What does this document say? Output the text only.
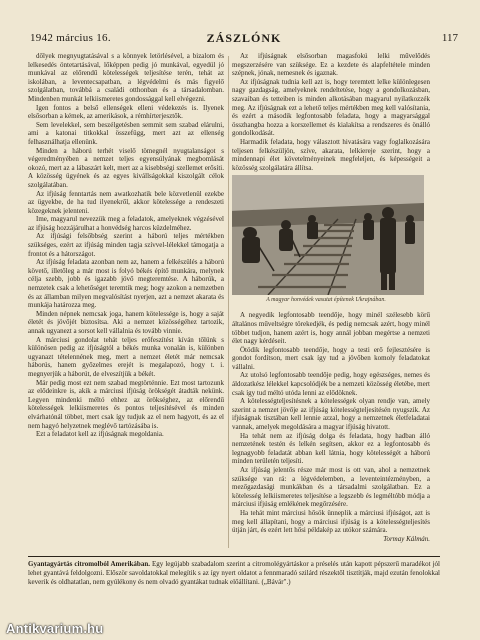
1942 március 16.	ZÁSZLÓNK	117

dőlyek megnyugtatásával s a könnyek letörlésével, a bizalom és lelkesedés öntetartásával, lőképpen pedig jó munkával, egyedül jó munkával az előrendű kötelességek teljesítése terén, tehát az iskolában, a leventecsapatban, a légvédelmi és más figyelő szolgálatban, továbbá a családi otthonban és a társadalomban. Mindenben munkát lelkiismeretes gondossággal kell elvégezni.

Igen fontos a belső ellenségek elleni védekezés is. Ilyenek elsősorban a kémek, az amerikások, a rémhírterjesztők.

Sem levelekkel, sem beszélgetésben semmit sem szabad elárulni, ami a katonai titkokkal összefügg, mert azt az ellenség felhasználhatja ellenünk.

Minden a háború terhét viselő tömegnél nyugtalanságot s végeredményében a nemzet teljes egyensúlyának megbomlását okozó, mert az a lábaszárt kelt, mert az a kisebbségi szellemet erősíti. A közösség ügyének és az egyes kivállságokkal kiszolgált célok szolgálatában.

Az ifjúság fenntartás nem awatkozhatik bele közvetlenül ezekbe az ügyekbe, de ha tud ilyenekről, akkor kötelessége a rendeszeti közegeknek jelenteni.

Ime, magyarul nevezzük meg a feladatok, amelyeknek végzésével az ifjúság hozzájárulhat a honvédség harcos küzdelméhez.

Az ifjúsági felsőbbség szerint a háború teljes mértékben szükséges, ezért az ifjúság minden tagja szívvel-lélekkel támogatja a frontot és a hátországot.

Az ifjúság feladata azonban nem az, hanem a felkészülés a háború követő, illetőleg a már most is folyó békés építő munkára, melynek célja szebb, jobb és igazabb jövő megteremtése. A háborúk, a nemzetek csak a lehetőséget teremtik meg; hogy azokon a nemzetben és az államban milyen megvalósítást nyerjen, azt a nemzet akarata és munkája határozza meg.

Minden népnek nemcsak joga, hanem kötelessége is, hogy a saját életét és jövőjét biztosítsa. Aki a nemzet közösségéhez tartozik, annak ugyanezt a sorsot kell vállalnia és tovább vinnie.

A márciusi gondolat tehát teljes erőfeszítést kíván tőlünk s különösen pedig az ifjúságtól a békés munka vonalán is, különben ugyanazt tételennének meg, mert a nemzet életét már nemcsak háborús, hanem győzelmes erejét is megalapozó, hogy t. i. megnyerjük a háborút, de elveszítjük a békét.

Már pedig most ezt nem szabad megtörténnie. Ezt most tartozunk az elődeinkre is, akik a márciusi ifjúság örökségét átadták nekünk. Legyen mindenki méltó ehhez az örökséghez, az előrendű kötelességek lelkiismeretes és pontos teljesítésével és minden elvárhatónál többet, mert csak így tudjuk az el nem hagyott, és az el nem hagyó helyzetnek meglévő tartózásába is.

Ezt a feladatot kell az ifjúságnak megoldania.

Az ifjúságnak elsősorban magasfokú lelki művelődés megszerzésére van szüksége. Ez a kezdete és alapfeltétele minden szépnek, jónak, nemesnek és igaznak.

Az ifjúságnak tudnia kell azt is, hogy teremtett lelke különlegesen nagy gazdagság, amelyeknek rendeltetése, hogy a gondolkozásban, szavaiban és tetteiben is minden alkotásában magyarul nyilatkozzék meg. Az ifjúságnak ezt a lehető teljes mértékben meg kell valósítania, és ezért a második legfontosabb feladata, hogy a magyarsággal összhangba hozza a korszellemet és kialakítsa a rendszeres és önálló gondolkodását.

Harmadik feladata, hogy választott hivatására vagy foglalkozására teljesen felkészüljön, szíve, akarata, lelkiereje szerint, hogy a mindennapi élet követelményeinek megfeleljen, és képességeit a közösség szolgálatára állítsa.

A magyar honvédek vasutat építenek Ukrajnában.

A negyedik legfontosabb teendője, hogy minél szélesebb körű általános műveltségre törekedjék, és pedig nemcsak azért, hogy minél többet tudjon, hanem azért is, hogy annál jobban megértse a nemzeti élet nagy kérdéseit.

Ötödik legfontosabb teendője, hogy a testi erő fejlesztésére is gondot fordítson, mert csak így tud a jövőben komoly feladatokat vállalni.

Az utolsó legfontosabb teendője pedig, hogy egészséges, nemes és áldozatkész lélekkel kapcsolódjék be a nemzeti közösség életébe, mert csak így tud méltó utóda lenni az elődöknek.

A kötelességteljesítésnek a kötelességek olyan rendje van, amely szerint a nemzet jövője az ifjúság kötelességteljesítésén nyugszik. Az ifjúságnak tisztában kell lennie azzal, hogy a nemzetnek életfeladatai vannak, amelyek megoldására a magyar ifjúság hivatott.

Ha tehát nem az ifjúság dolga és feladata, hogy hadban álló nemzetének testén és lelkén segítsen, akkor ez a legfontosabb és legnagyobb feladatát abban kell látnia, hogy kötelességét a háború minden területén teljesíti.

Az ifjúság jelentős része már most is ott van, ahol a nemzetnek szüksége van rá: a légvédelemben, a leventeintézményben, a mezőgazdasági munkákban és a társadalmi szolgálatban. Ez a kötelesség lelkiismeretes teljesítése a legszebb és legméltóbb módja a márciusi ifjúság emlékének megőrzésére.

Ha tehát mint márciusi hősök ünneplik a márciusi ifjúságot, azt is meg kell állapítani, hogy a márciusi ifjúság is a kötelességteljesítés útján járt, és ezért lett hősi példakép az utókor számára.

Tormay Kálmán.

Gyantagyártás citromolból Amerikában. Egy legújabb szabadalom szerint a citromolégyártáskor a préselés után kapott pépszerű maradékot jól lehet gyantává feldolgozni. Először savoldatokkal melegítik s az így nyert oldatot a fennmaradó szilárd részektől tisztítják, majd ezután fenolokkal keverik és oldhatatlan, nem gyúlékony és nem olvadó gyantákat tudnak előállítani. („Bávár".)
Antikvarium.hu
